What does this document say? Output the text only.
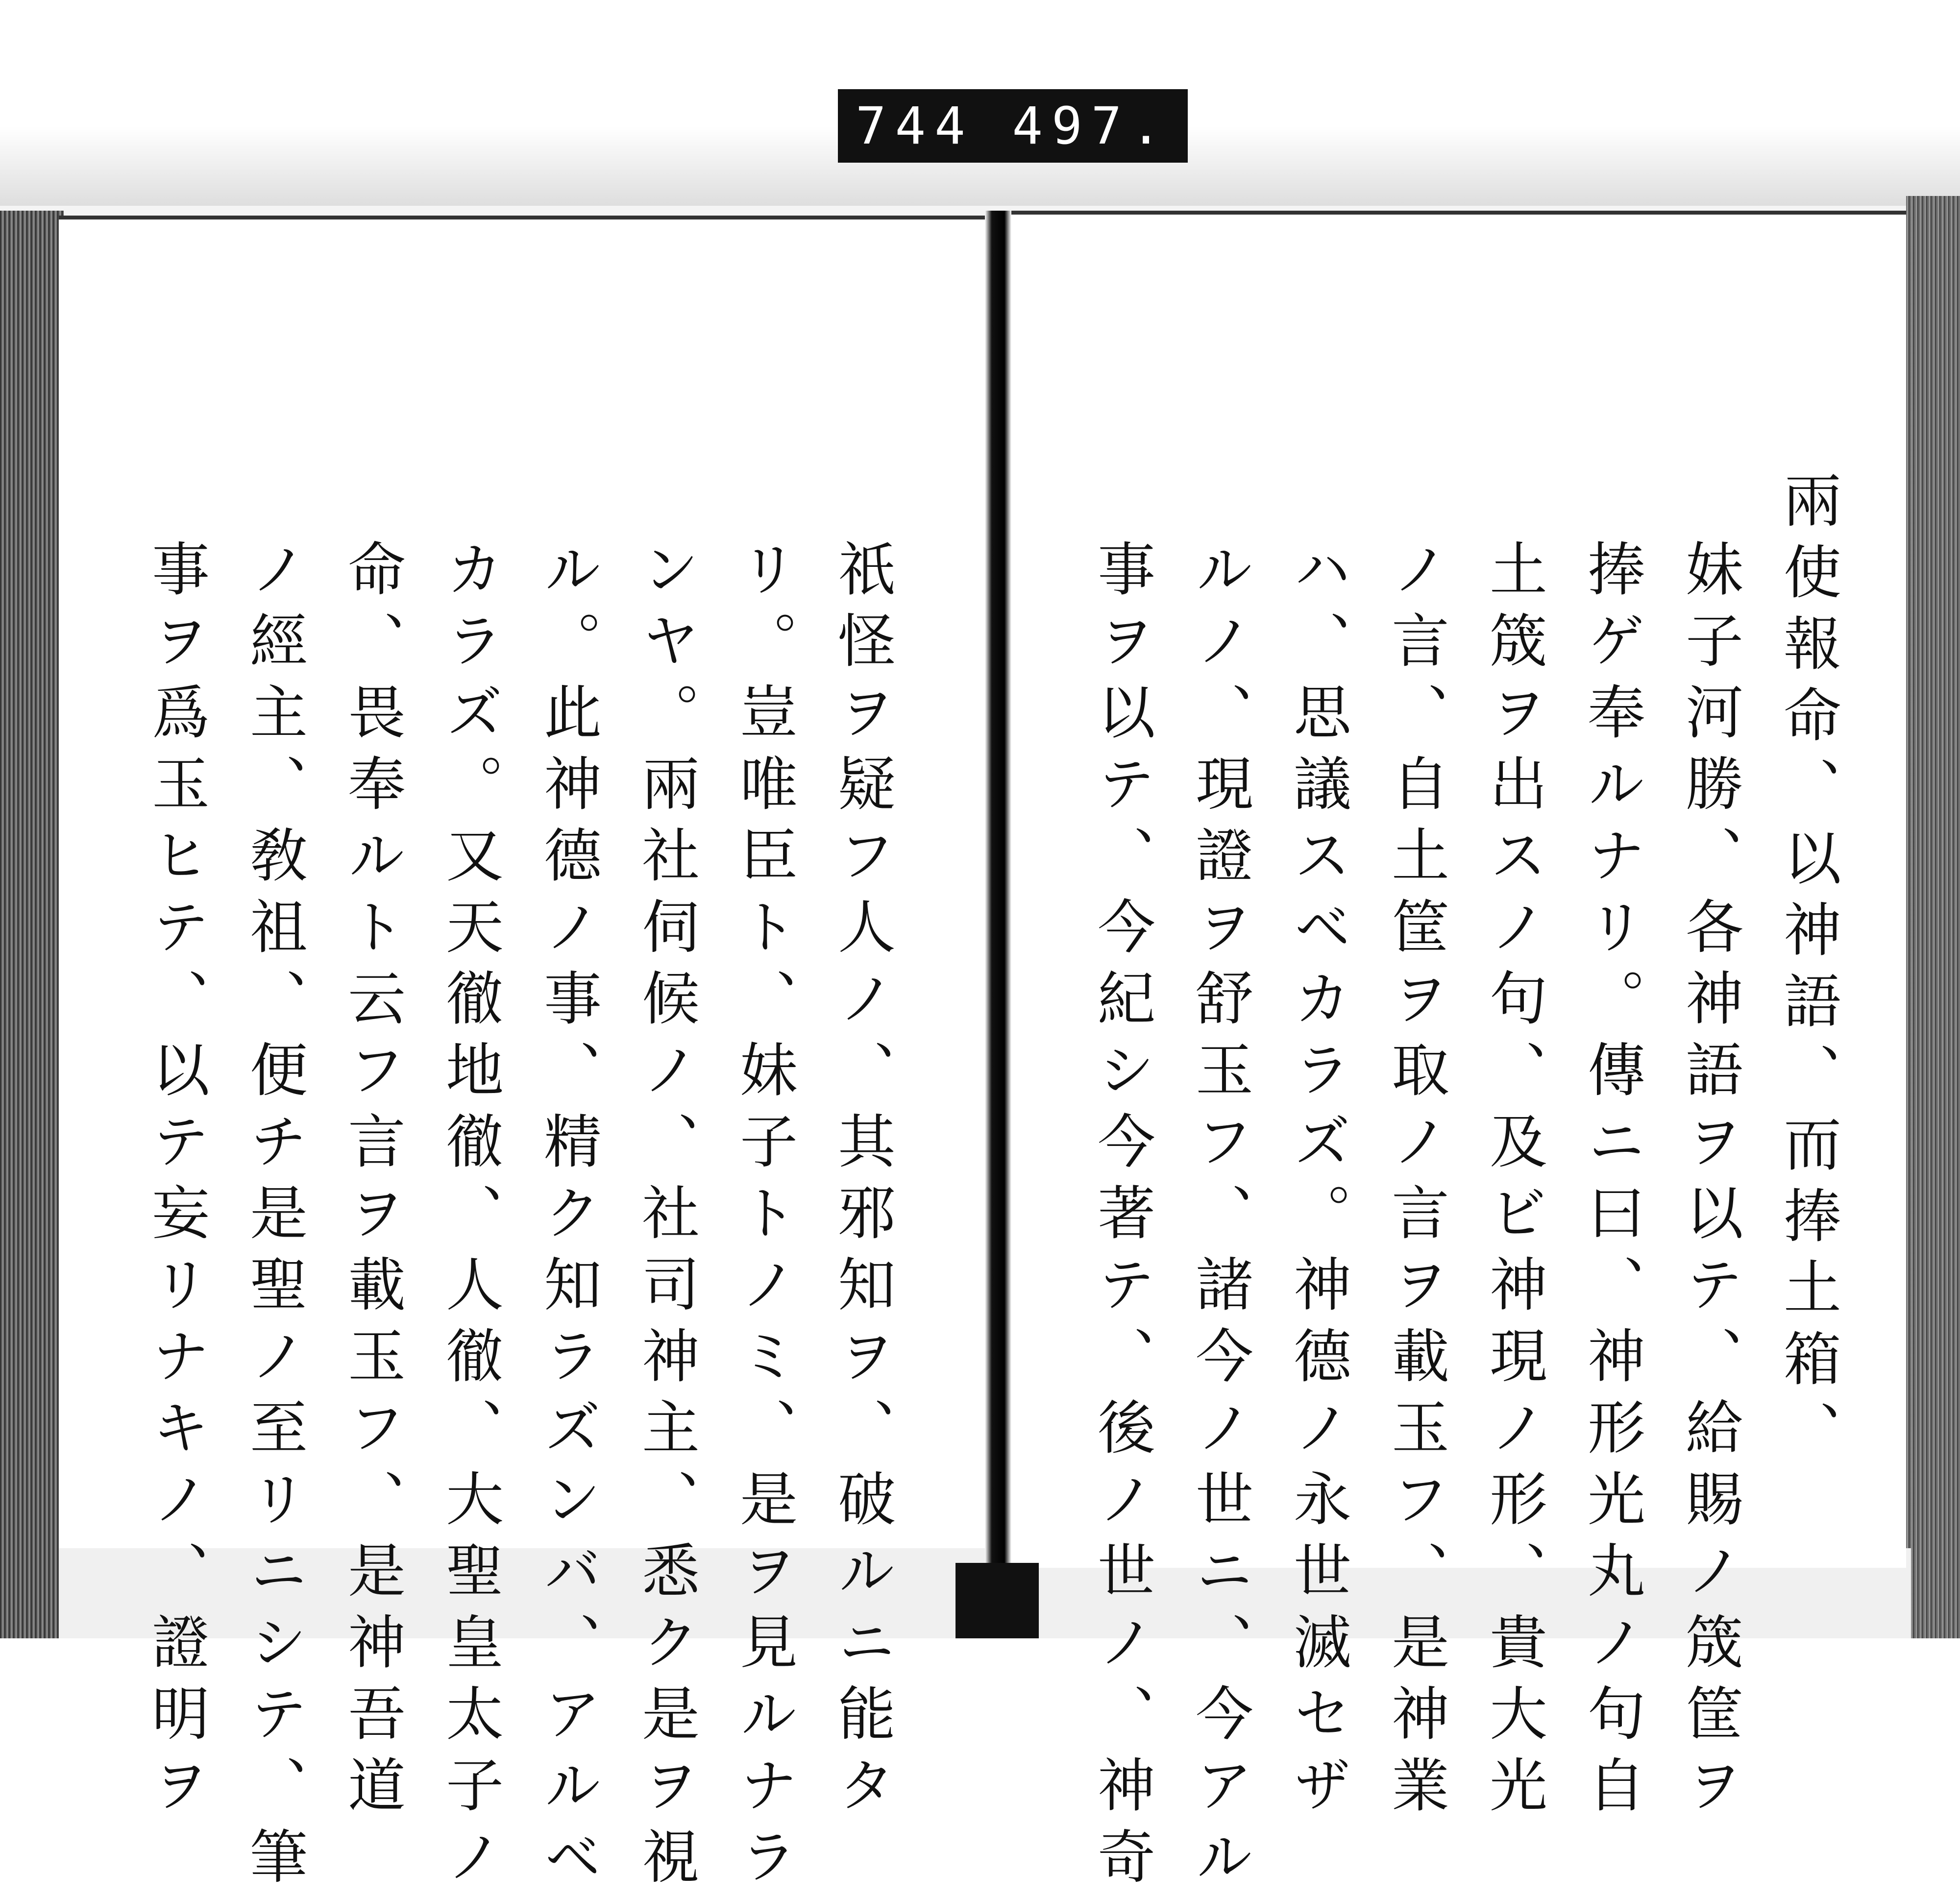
744 497.
兩使報命、以神語、而捧土箱、
妹子河勝、各神語ヲ以テ、給賜ノ筬筐ヲ
捧ゲ奉ルナリ。傳ニ曰、神形光丸ノ句自
土筬ヲ出スノ句、及ビ神現ノ形、貴大光
ノ言、自土筐ヲ取ノ言ヲ載玉フ、是神業
ハ、思議スベカラズ。神德ノ永世滅セザ
ルノ、現證ヲ舒玉フ、諸今ノ世ニ、今アル
事ヲ以テ、今紀シ今著テ、後ノ世ノ、神奇
祇怪ヲ疑フ人ノ、其邪知ヲ、破ルニ能タ
リ。豈唯臣ト、妹子トノミ、是ヲ見ルナラ
ンヤ。兩社伺候ノ、社司神主、悉ク是ヲ視
ル。此神德ノ事、精ク知ラズンバ、アルベ
カラズ。又天徹地徹、人徹、大聖皇太子ノ
命、畏奉ルト云フ言ヲ載玉フ、是神吾道
ノ經主、敎祖、便チ是聖ノ至リニシテ、筆
事ヲ爲玉ヒテ、以テ妄リナキノ、證明ヲ
